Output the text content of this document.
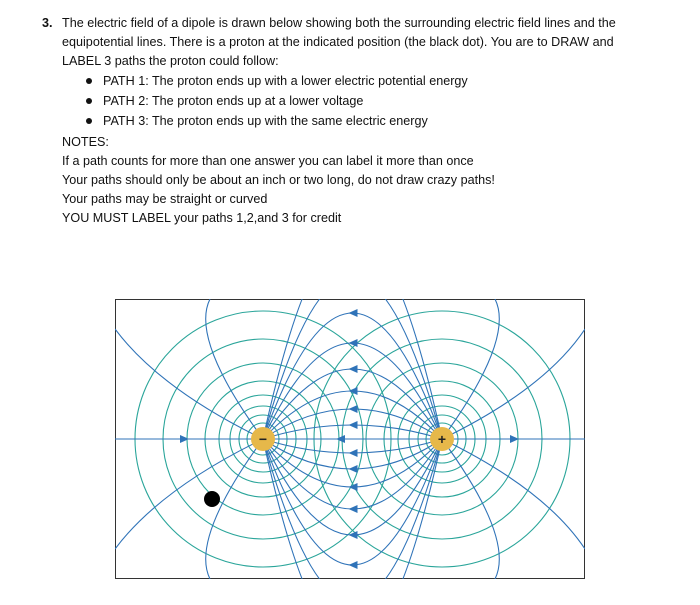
3. The electric field of a dipole is drawn below showing both the surrounding electric field lines and the
equipotential lines. There is a proton at the indicated position (the black dot). You are to DRAW and
LABEL 3 paths the proton could follow:
PATH 1: The proton ends up with a lower electric potential energy
PATH 2: The proton ends up at a lower voltage
PATH 3: The proton ends up with the same electric energy
NOTES:
If a path counts for more than one answer you can label it more than once
Your paths should only be about an inch or two long, do not draw crazy paths!
Your paths may be straight or curved
YOU MUST LABEL your paths 1,2,and 3 for credit
−	+
